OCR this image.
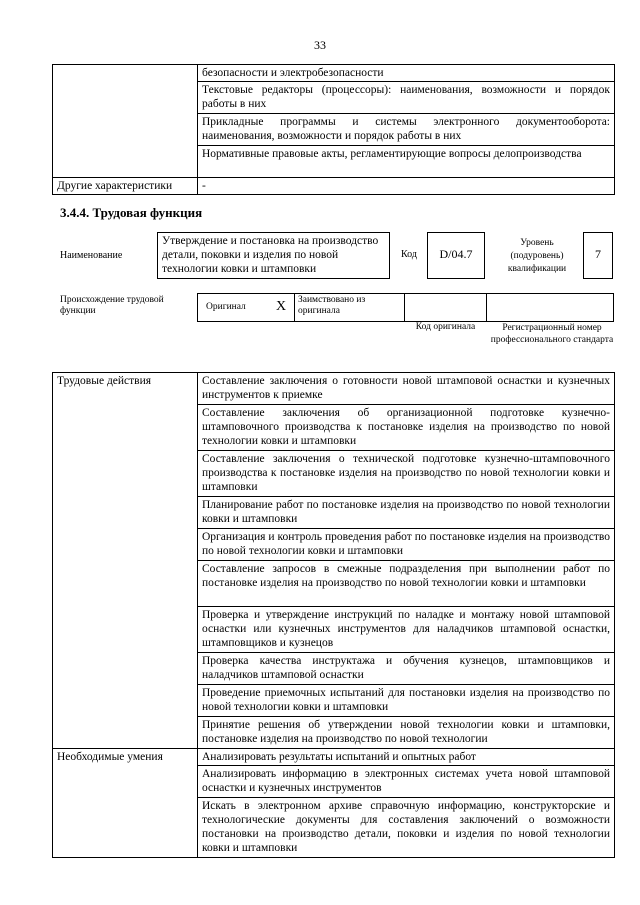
33
	безопасности и электробезопасности
	Текстовые редакторы (процессоры): наименования, возможности и порядок работы в них
	Прикладные программы и системы электронного документооборота: наименования, возможности и порядок работы в них
	Нормативные правовые акты, регламентирующие вопросы делопроизводства
Другие характеристики	-
3.4.4. Трудовая функция
Наименование
Утверждение и постановка на производство детали, поковки и изделия по новой технологии ковки и штамповки
Код	D/04.7
Уровень (подуровень) квалификации
7
Происхождение трудовой функции	Оригинал X	Заимствовано из оригинала
Код оригинала	Регистрационный номер профессионального стандарта
Трудовые действия	Составление заключения о готовности новой штамповой оснастки и кузнечных инструментов к приемке
	Составление заключения об организационной подготовке кузнечно-штамповочного производства к постановке изделия на производство по новой технологии ковки и штамповки
	Составление заключения о технической подготовке кузнечно-штамповочного производства к постановке изделия на производство по новой технологии ковки и штамповки
	Планирование работ по постановке изделия на производство по новой технологии ковки и штамповки
	Организация и контроль проведения работ по постановке изделия на производство по новой технологии ковки и штамповки
	Составление запросов в смежные подразделения при выполнении работ по постановке изделия на производство по новой технологии ковки и штамповки
	Проверка и утверждение инструкций по наладке и монтажу новой штамповой оснастки или кузнечных инструментов для наладчиков штамповой оснастки, штамповщиков и кузнецов
	Проверка качества инструктажа и обучения кузнецов, штамповщиков и наладчиков штамповой оснастки
	Проведение приемочных испытаний для постановки изделия на производство по новой технологии ковки и штамповки
	Принятие решения об утверждении новой технологии ковки и штамповки, постановке изделия на производство по новой технологии
Необходимые умения	Анализировать результаты испытаний и опытных работ
	Анализировать информацию в электронных системах учета новой штамповой оснастки и кузнечных инструментов
	Искать в электронном архиве справочную информацию, конструкторские и технологические документы для составления заключений о возможности постановки на производство детали, поковки и изделия по новой технологии ковки и штамповки
